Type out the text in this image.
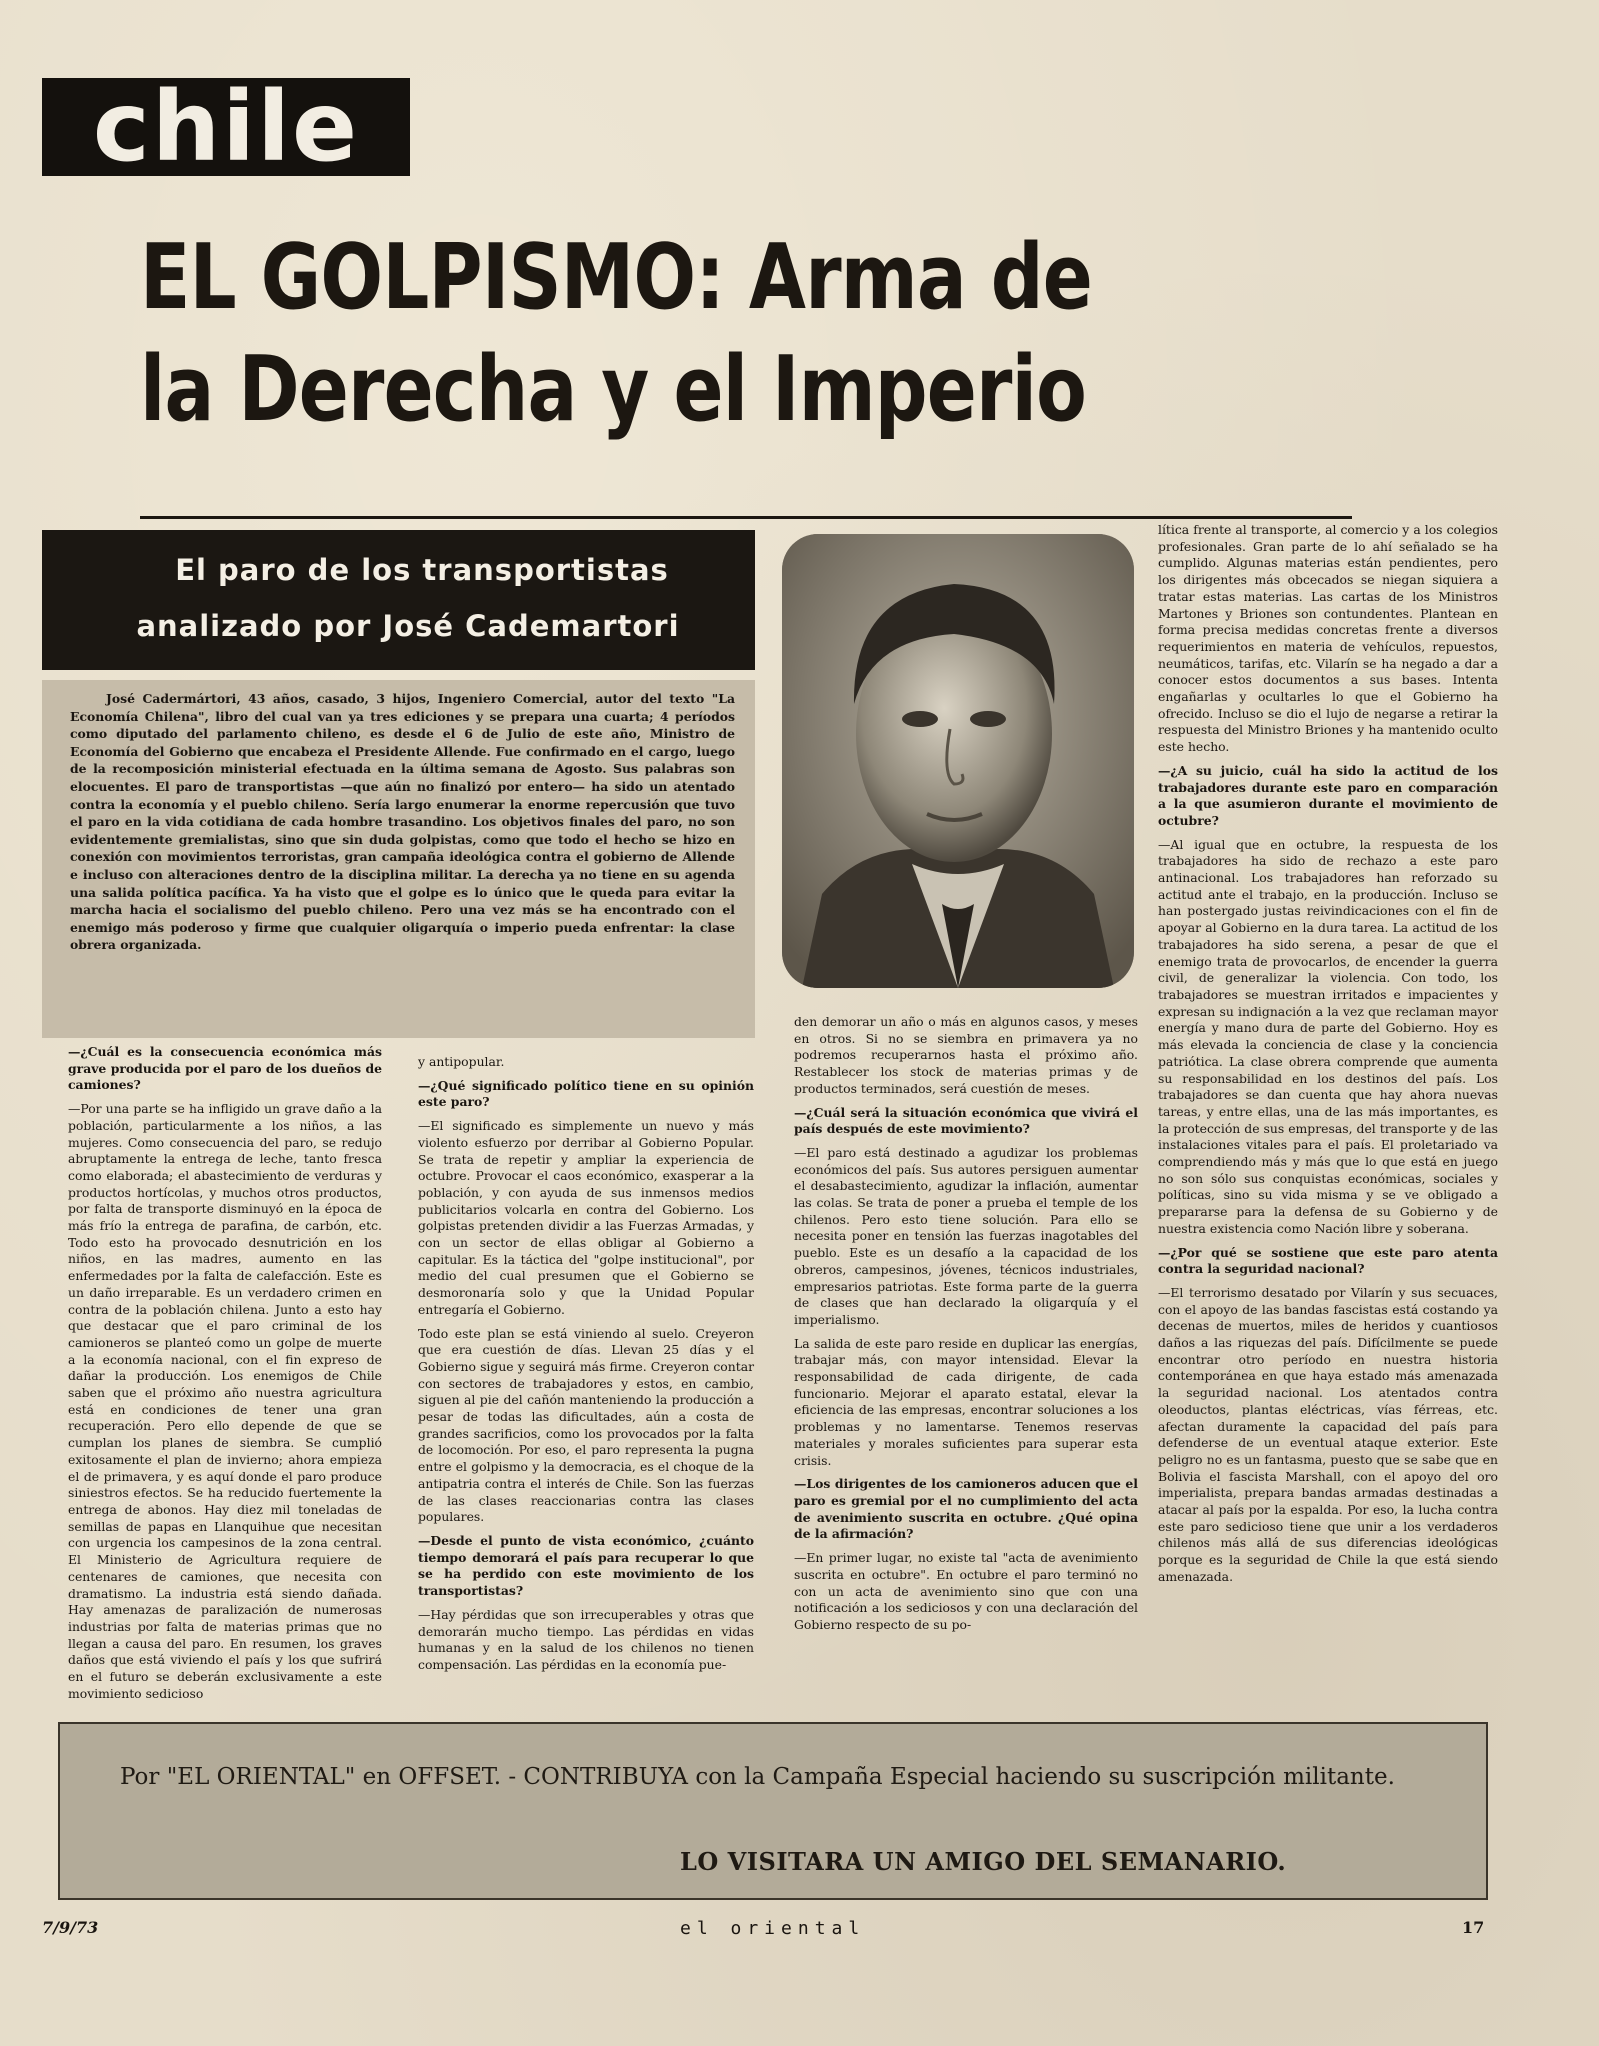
chile
EL GOLPISMO: Arma de
la Derecha y el Imperio
El paro de los transportistas
analizado por José Cademartori
José Cadermártori, 43 años, casado, 3 hijos, Ingeniero Comercial, autor del texto "La Economía Chilena", libro del cual van ya tres ediciones y se prepara una cuarta; 4 períodos como diputado del parlamento chileno, es desde el 6 de Julio de este año, Ministro de Economía del Gobierno que encabeza el Presidente Allende. Fue confirmado en el cargo, luego de la recomposición ministerial efectuada en la última semana de Agosto. Sus palabras son elocuentes. El paro de transportistas —que aún no finalizó por entero— ha sido un atentado contra la economía y el pueblo chileno. Sería largo enumerar la enorme repercusión que tuvo el paro en la vida cotidiana de cada hombre trasandino. Los objetivos finales del paro, no son evidentemente gremialistas, sino que sin duda golpistas, como que todo el hecho se hizo en conexión con movimientos terroristas, gran campaña ideológica contra el gobierno de Allende e incluso con alteraciones dentro de la disciplina militar. La derecha ya no tiene en su agenda una salida política pacífica. Ya ha visto que el golpe es lo único que le queda para evitar la marcha hacia el socialismo del pueblo chileno. Pero una vez más se ha encontrado con el enemigo más poderoso y firme que cualquier oligarquía o imperio pueda enfrentar: la clase obrera organizada.

—¿Cuál es la consecuencia económica más grave producida por el paro de los dueños de camiones?

—Por una parte se ha infligido un grave daño a la población, particularmente a los niños, a las mujeres. Como consecuencia del paro, se redujo abruptamente la entrega de leche, tanto fresca como elaborada; el abastecimiento de verduras y productos hortícolas, y muchos otros productos, por falta de transporte disminuyó en la época de más frío la entrega de parafina, de carbón, etc. Todo esto ha provocado desnutrición en los niños, en las madres, aumento en las enfermedades por la falta de calefacción. Este es un daño irreparable. Es un verdadero crimen en contra de la población chilena. Junto a esto hay que destacar que el paro criminal de los camioneros se planteó como un golpe de muerte a la economía nacional, con el fin expreso de dañar la producción. Los enemigos de Chile saben que el próximo año nuestra agricultura está en condiciones de tener una gran recuperación. Pero ello depende de que se cumplan los planes de siembra. Se cumplió exitosamente el plan de invierno; ahora empieza el de primavera, y es aquí donde el paro produce siniestros efectos. Se ha reducido fuertemente la entrega de abonos. Hay diez mil toneladas de semillas de papas en Llanquihue que necesitan con urgencia los campesinos de la zona central. El Ministerio de Agricultura requiere de centenares de camiones, que necesita con dramatismo. La industria está siendo dañada. Hay amenazas de paralización de numerosas industrias por falta de materias primas que no llegan a causa del paro. En resumen, los graves daños que está viviendo el país y los que sufrirá en el futuro se deberán exclusivamente a este movimiento sedicioso

y antipopular.

—¿Qué significado político tiene en su opinión este paro?

—El significado es simplemente un nuevo y más violento esfuerzo por derribar al Gobierno Popular. Se trata de repetir y ampliar la experiencia de octubre. Provocar el caos económico, exasperar a la población, y con ayuda de sus inmensos medios publicitarios volcarla en contra del Gobierno. Los golpistas pretenden dividir a las Fuerzas Armadas, y con un sector de ellas obligar al Gobierno a capitular. Es la táctica del "golpe institucional", por medio del cual presumen que el Gobierno se desmoronaría solo y que la Unidad Popular entregaría el Gobierno.

Todo este plan se está viniendo al suelo. Creyeron que era cuestión de días. Llevan 25 días y el Gobierno sigue y seguirá más firme. Creyeron contar con sectores de trabajadores y estos, en cambio, siguen al pie del cañón manteniendo la producción a pesar de todas las dificultades, aún a costa de grandes sacrificios, como los provocados por la falta de locomoción. Por eso, el paro representa la pugna entre el golpismo y la democracia, es el choque de la antipatria contra el interés de Chile. Son las fuerzas de las clases reaccionarias contra las clases populares.

—Desde el punto de vista económico, ¿cuánto tiempo demorará el país para recuperar lo que se ha perdido con este movimiento de los transportistas?

—Hay pérdidas que son irrecuperables y otras que demorarán mucho tiempo. Las pérdidas en vidas humanas y en la salud de los chilenos no tienen compensación. Las pérdidas en la economía pue-

den demorar un año o más en algunos casos, y meses en otros. Si no se siembra en primavera ya no podremos recuperarnos hasta el próximo año. Restablecer los stock de materias primas y de productos terminados, será cuestión de meses.

—¿Cuál será la situación económica que vivirá el país después de este movimiento?

—El paro está destinado a agudizar los problemas económicos del país. Sus autores persiguen aumentar el desabastecimiento, agudizar la inflación, aumentar las colas. Se trata de poner a prueba el temple de los chilenos. Pero esto tiene solución. Para ello se necesita poner en tensión las fuerzas inagotables del pueblo. Este es un desafío a la capacidad de los obreros, campesinos, jóvenes, técnicos industriales, empresarios patriotas. Este forma parte de la guerra de clases que han declarado la oligarquía y el imperialismo.

La salida de este paro reside en duplicar las energías, trabajar más, con mayor intensidad. Elevar la responsabilidad de cada dirigente, de cada funcionario. Mejorar el aparato estatal, elevar la eficiencia de las empresas, encontrar soluciones a los problemas y no lamentarse. Tenemos reservas materiales y morales suficientes para superar esta crisis.

—Los dirigentes de los camioneros aducen que el paro es gremial por el no cumplimiento del acta de avenimiento suscrita en octubre. ¿Qué opina de la afirmación?

—En primer lugar, no existe tal "acta de avenimiento suscrita en octubre". En octubre el paro terminó no con un acta de avenimiento sino que con una notificación a los sediciosos y con una declaración del Gobierno respecto de su po-

lítica frente al transporte, al comercio y a los colegios profesionales. Gran parte de lo ahí señalado se ha cumplido. Algunas materias están pendientes, pero los dirigentes más obcecados se niegan siquiera a tratar estas materias. Las cartas de los Ministros Martones y Briones son contundentes. Plantean en forma precisa medidas concretas frente a diversos requerimientos en materia de vehículos, repuestos, neumáticos, tarifas, etc. Vilarín se ha negado a dar a conocer estos documentos a sus bases. Intenta engañarlas y ocultarles lo que el Gobierno ha ofrecido. Incluso se dio el lujo de negarse a retirar la respuesta del Ministro Briones y ha mantenido oculto este hecho.

—¿A su juicio, cuál ha sido la actitud de los trabajadores durante este paro en comparación a la que asumieron durante el movimiento de octubre?

—Al igual que en octubre, la respuesta de los trabajadores ha sido de rechazo a este paro antinacional. Los trabajadores han reforzado su actitud ante el trabajo, en la producción. Incluso se han postergado justas reivindicaciones con el fin de apoyar al Gobierno en la dura tarea. La actitud de los trabajadores ha sido serena, a pesar de que el enemigo trata de provocarlos, de encender la guerra civil, de generalizar la violencia. Con todo, los trabajadores se muestran irritados e impacientes y expresan su indignación a la vez que reclaman mayor energía y mano dura de parte del Gobierno. Hoy es más elevada la conciencia de clase y la conciencia patriótica. La clase obrera comprende que aumenta su responsabilidad en los destinos del país. Los trabajadores se dan cuenta que hay ahora nuevas tareas, y entre ellas, una de las más importantes, es la protección de sus empresas, del transporte y de las instalaciones vitales para el país. El proletariado va comprendiendo más y más que lo que está en juego no son sólo sus conquistas económicas, sociales y políticas, sino su vida misma y se ve obligado a prepararse para la defensa de su Gobierno y de nuestra existencia como Nación libre y soberana.

—¿Por qué se sostiene que este paro atenta contra la seguridad nacional?

—El terrorismo desatado por Vilarín y sus secuaces, con el apoyo de las bandas fascistas está costando ya decenas de muertos, miles de heridos y cuantiosos daños a las riquezas del país. Difícilmente se puede encontrar otro período en nuestra historia contemporánea en que haya estado más amenazada la seguridad nacional. Los atentados contra oleoductos, plantas eléctricas, vías férreas, etc. afectan duramente la capacidad del país para defenderse de un eventual ataque exterior. Este peligro no es un fantasma, puesto que se sabe que en Bolivia el fascista Marshall, con el apoyo del oro imperialista, prepara bandas armadas destinadas a atacar al país por la espalda. Por eso, la lucha contra este paro sedicioso tiene que unir a los verdaderos chilenos más allá de sus diferencias ideológicas porque es la seguridad de Chile la que está siendo amenazada.

Por "EL ORIENTAL" en OFFSET. - CONTRIBUYA con la Campaña Especial haciendo su suscripción militante.
LO VISITARA UN AMIGO DEL SEMANARIO.
7/9/73	el oriental	17
